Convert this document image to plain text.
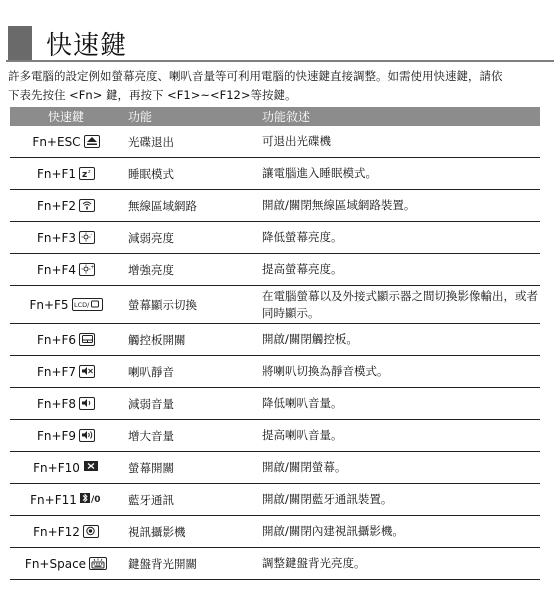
快速鍵
許多電腦的設定例如螢幕亮度、喇叭音量等可利用電腦的快速鍵直接調整。如需使用快速鍵，請依
下表先按住 <Fn> 鍵，再按下 <F1>~<F12>等按鍵。
快速鍵	功能	功能敘述

Fn+ESC	光碟退出	可退出光碟機

Fn+F1 z z	睡眠模式	讓電腦進入睡眠模式。

Fn+F2	無線區域網路	開啟/關閉無線區域網路裝置。

Fn+F3 -	減弱亮度	降低螢幕亮度。

Fn+F4 +	增強亮度	提高螢幕亮度。

Fn+F5 LCD/	螢幕顯示切換	在電腦螢幕以及外接式顯示器之間切換影像輸出，或者同時顯示。

Fn+F6	觸控板開關	開啟/關閉觸控板。

Fn+F7	喇叭靜音	將喇叭切換為靜音模式。

Fn+F8	減弱音量	降低喇叭音量。

Fn+F9	增大音量	提高喇叭音量。

Fn+F10	螢幕開關	開啟/關閉螢幕。

Fn+F11 /0	藍牙通訊	開啟/關閉藍牙通訊裝置。

Fn+F12	視訊攝影機	開啟/關閉內建視訊攝影機。

Fn+Space	鍵盤背光開關	調整鍵盤背光亮度。
